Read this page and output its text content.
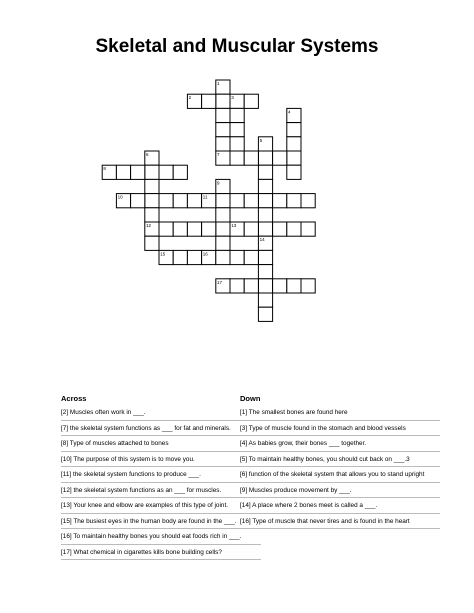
Skeletal and Muscular Systems
1
2	3
4
5
6	7
8
9
10	11
12	13
14
15	16
17
Across
[2] Muscles often work in ___.
[7] the skeletal system functions as ___ for fat and minerals.
[8] Type of muscles attached to bones
[10] The purpose of this system is to move you.
[11] the skeletal system functions to produce ___.
[12] the skeletal system functions as an ___ for muscles.
[13] Your knee and elbow are examples of this type of joint.
[15] The busiest eyes in the human body are found in the ___.
[16] To maintain healthy bones you should eat foods rich in ___.
[17] What chemical in cigarettes kills bone building cells?
Down
[1] The smallest bones are found here
[3] Type of muscle found in the stomach and blood vessels
[4] As babies grow, their bones ___ together.
[5] To maintain healthy bones, you should cut back on ___.3
[6] function of the skeletal system that allows you to stand upright
[9] Muscles produce movement by ___.
[14] A place where 2 bones meet is called a ___.
[16] Type of muscle that never tires and is found in the heart
